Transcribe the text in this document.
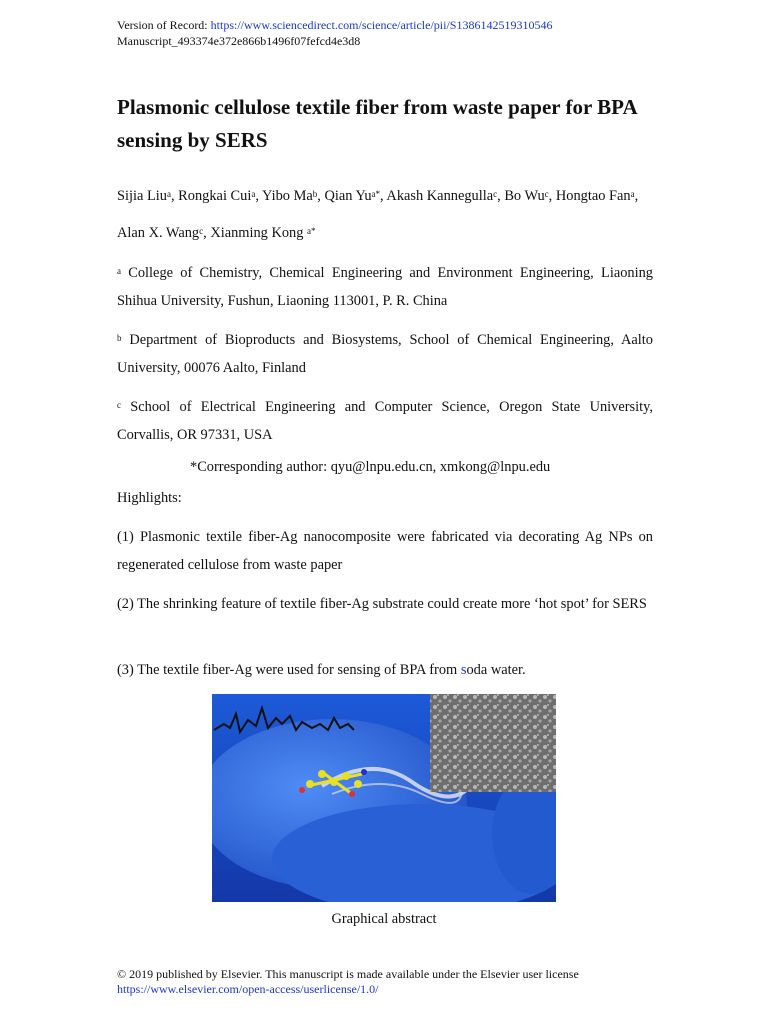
Version of Record: https://www.sciencedirect.com/science/article/pii/S1386142519310546
Manuscript_493374e372e866b1496f07fefcd4e3d8
Plasmonic cellulose textile fiber from waste paper for BPA sensing by SERS
Sijia Liu$^a$, Rongkai Cui$^a$, Yibo Ma$^b$, Qian $Yu^{a*}$, Akash Kannegulla$^c$, Bo Wu$^c$, Hongtao Fan$^a$, Alan X. Wang$^c$, Xianming Kong $^{a*}$
$^a$ College of Chemistry, Chemical Engineering and Environment Engineering, Liaoning Shihua University, Fushun, Liaoning 113001, P. R. China
$^b$ Department of Bioproducts and Biosystems, School of Chemical Engineering, Aalto University, 00076 Aalto, Finland
$^c$ School of Electrical Engineering and Computer Science, Oregon State University, Corvallis, OR 97331, USA
*Corresponding author: qyu@lnpu.edu.cn, xmkong@lnpu.edu
Highlights:
(1) Plasmonic textile fiber-Ag nanocomposite were fabricated via decorating Ag NPs on regenerated cellulose from waste paper
(2) The shrinking feature of textile fiber-Ag substrate could create more ‘hot spot’ for SERS
(3) The textile fiber-Ag were used for sensing of BPA from soda water.
Graphical abstract
© 2019 published by Elsevier. This manuscript is made available under the Elsevier user license
https://www.elsevier.com/open-access/userlicense/1.0/
